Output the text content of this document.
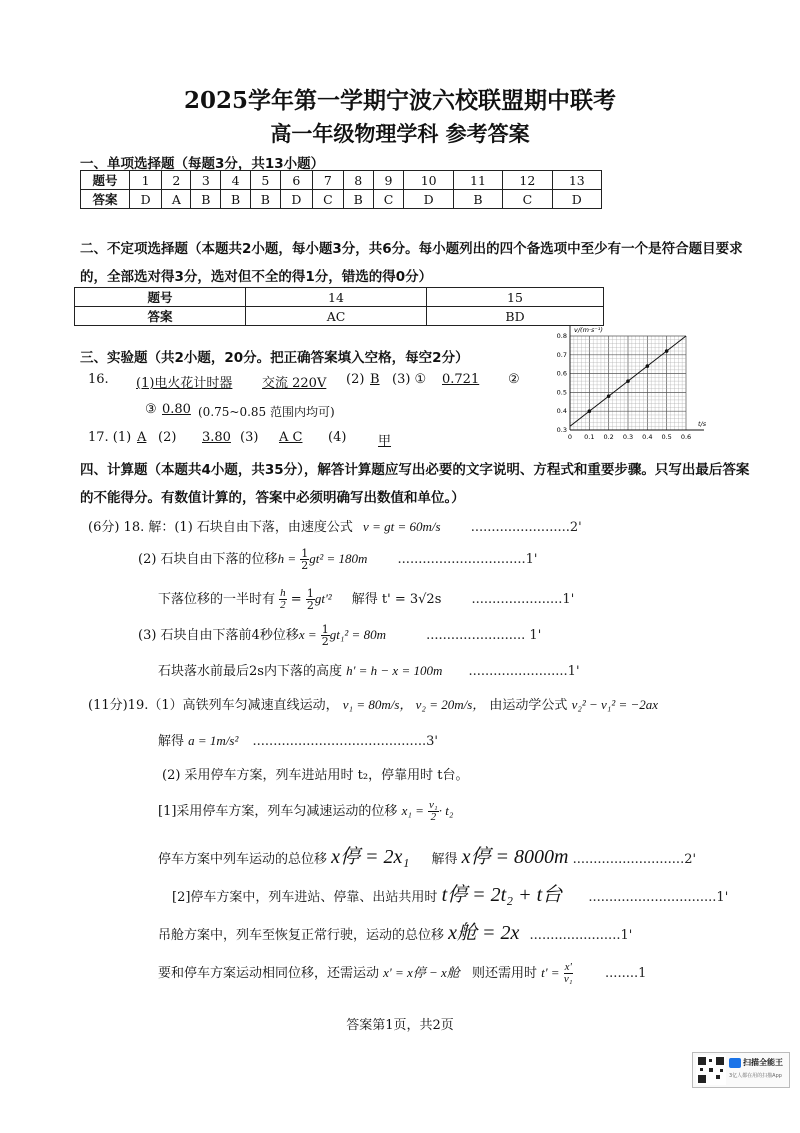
2025学年第一学期宁波六校联盟期中联考
高一年级物理学科 参考答案
一、单项选择题（每题3分，共13小题）
题号	1	2	3	4	5	6	7	8	9	10	11	12	13
答案	D	A	B	B	B	D	C	B	C	D	B	C	D
二、不定项选择题（本题共2小题，每小题3分，共6分。每小题列出的四个备选项中至少有一个是符合题目要求
的，全部选对得3分，选对但不全的得1分，错选的得0分）
题号	14	15
答案	AC	BD
三、实验题（共2小题，20分。把正确答案填入空格，每空2分）
16. (1)电火花计时器 交流 220V (2) B (3) ① 0.721 ②
③ 0.80 (0.75~0.85 范围内均可)
17. (1) A (2) 3.80 (3) A C (4) 甲	0 0.1 0.2 0.3 0.4 0.5 0.6
0.3
0.4
0.5
0.6
0.7
0.8
v/(m·s⁻¹)
t/s
四、计算题（本题共4小题，共35分），解答计算题应写出必要的文字说明、方程式和重要步骤。只写出最后答案
的不能得分。有数值计算的，答案中必须明确写出数值和单位。）
(6分) 18. 解：(1) 石块自由下落，由速度公式 v = gt = 60m/s ........................2'
(2) 石块自由下落的位移$h = \frac{1}{2} gt^2 = 180m$ ...............................1'
下落位移的一半时有 $\frac{h}{2} = \frac{1}{2} gt'^2$ 解得 t' = 3√2s ......................1'
(3) 石块自由下落前4秒位移$x = \frac{1}{2} gt_1^2 = 80m$	........................ 1'
石块落水前最后2s内下落的高度 h' = h − x = 100m ........................1'
(11分)19.（1）高铁列车匀减速直线运动， v₁ = 80m/s， v₂ = 20m/s， 由运动学公式 v₂² − v₁² = −2ax
解得 a = 1m/s² ..........................................3'
(2) 采用停车方案，列车进站用时 t₂，停靠用时 t台。
[1]采用停车方案，列车匀减速运动的位移 $x_1 = \frac{\text{v₁}}{2} \cdot t_2$
停车方案中列车运动的总位移 x停 = 2x₁ 解得 x停 = 8000m ...........................2'
[2]停车方案中，列车进站、停靠、出站共用时 t停 = 2t₂ + t台 ...............................1'
吊舱方案中，列车至恢复正常行驶，运动的总位移 x舱 = 2x ......................1'
要和停车方案运动相同位移，还需运动 x' = x停 − x舱 则还需用时 $t' = \frac{x'}{\text{v₁}} ........1$
答案第1页，共2页
扫描全能王
3亿人都在用的扫描App
